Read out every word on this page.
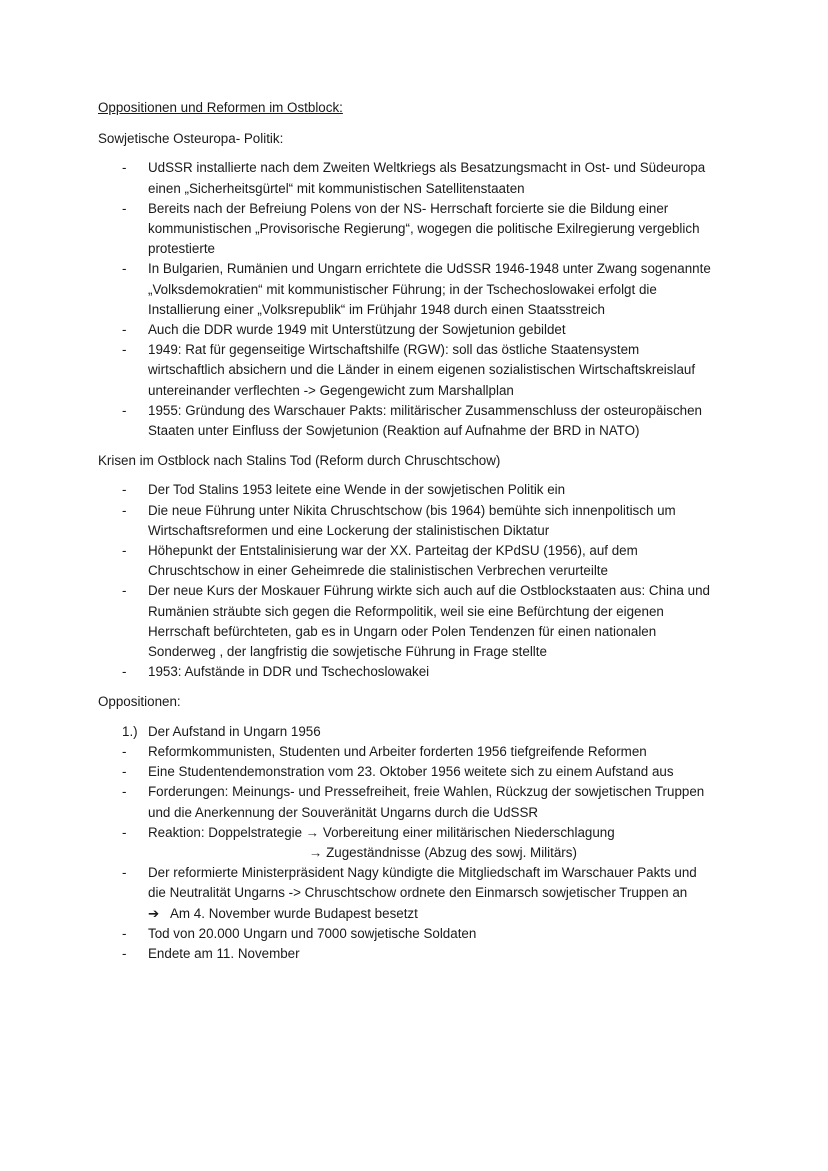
Oppositionen und Reformen im Ostblock:
Sowjetische Osteuropa- Politik:
- UdSSR installierte nach dem Zweiten Weltkriegs als Besatzungsmacht in Ost- und Südeuropa
einen „Sicherheitsgürtel“ mit kommunistischen Satellitenstaaten
- Bereits nach der Befreiung Polens von der NS- Herrschaft forcierte sie die Bildung einer
kommunistischen „Provisorische Regierung“, wogegen die politische Exilregierung vergeblich
protestierte
- In Bulgarien, Rumänien und Ungarn errichtete die UdSSR 1946-1948 unter Zwang sogenannte
„Volksdemokratien“ mit kommunistischer Führung; in der Tschechoslowakei erfolgt die
Installierung einer „Volksrepublik“ im Frühjahr 1948 durch einen Staatsstreich
- Auch die DDR wurde 1949 mit Unterstützung der Sowjetunion gebildet
- 1949: Rat für gegenseitige Wirtschaftshilfe (RGW): soll das östliche Staatensystem
wirtschaftlich absichern und die Länder in einem eigenen sozialistischen Wirtschaftskreislauf
untereinander verflechten -> Gegengewicht zum Marshallplan
- 1955: Gründung des Warschauer Pakts: militärischer Zusammenschluss der osteuropäischen
Staaten unter Einfluss der Sowjetunion (Reaktion auf Aufnahme der BRD in NATO)
Krisen im Ostblock nach Stalins Tod (Reform durch Chruschtschow)
- Der Tod Stalins 1953 leitete eine Wende in der sowjetischen Politik ein
- Die neue Führung unter Nikita Chruschtschow (bis 1964) bemühte sich innenpolitisch um
Wirtschaftsreformen und eine Lockerung der stalinistischen Diktatur
- Höhepunkt der Entstalinisierung war der XX. Parteitag der KPdSU (1956), auf dem
Chruschtschow in einer Geheimrede die stalinistischen Verbrechen verurteilte
- Der neue Kurs der Moskauer Führung wirkte sich auch auf die Ostblockstaaten aus: China und
Rumänien sträubte sich gegen die Reformpolitik, weil sie eine Befürchtung der eigenen
Herrschaft befürchteten, gab es in Ungarn oder Polen Tendenzen für einen nationalen
Sonderweg , der langfristig die sowjetische Führung in Frage stellte
- 1953: Aufstände in DDR und Tschechoslowakei
Oppositionen:
1.) Der Aufstand in Ungarn 1956
- Reformkommunisten, Studenten und Arbeiter forderten 1956 tiefgreifende Reformen
- Eine Studentendemonstration vom 23. Oktober 1956 weitete sich zu einem Aufstand aus
- Forderungen: Meinungs- und Pressefreiheit, freie Wahlen, Rückzug der sowjetischen Truppen
und die Anerkennung der Souveränität Ungarns durch die UdSSR
- Reaktion: Doppelstrategie → Vorbereitung einer militärischen Niederschlagung
→ Zugeständnisse (Abzug des sowj. Militärs)
- Der reformierte Ministerpräsident Nagy kündigte die Mitgliedschaft im Warschauer Pakts und
die Neutralität Ungarns -> Chruschtschow ordnete den Einmarsch sowjetischer Truppen an
➔ Am 4. November wurde Budapest besetzt
- Tod von 20.000 Ungarn und 7000 sowjetische Soldaten
- Endete am 11. November
